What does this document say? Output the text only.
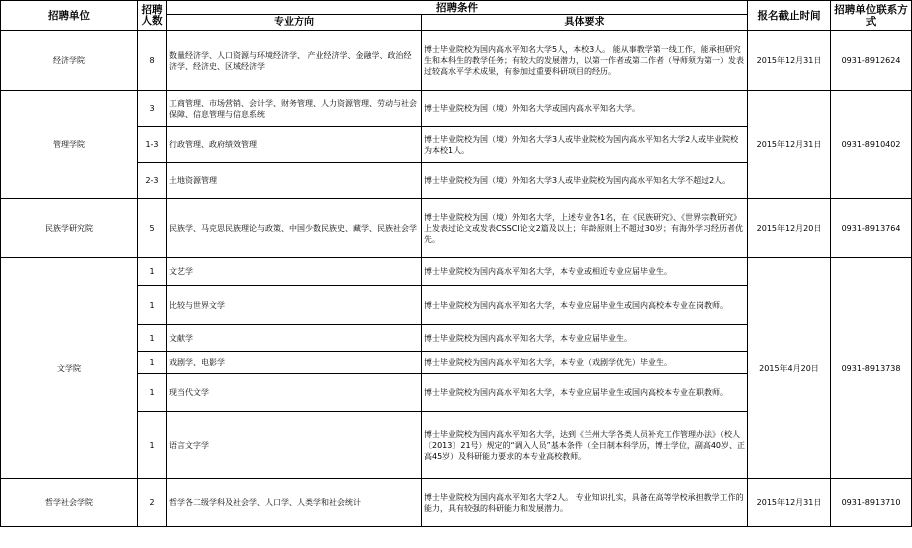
招聘单位	招聘人数	招聘条件		报名截止时间	招聘单位联系方式
		专业方向	具体要求		
经济学院	8	数量经济学、人口资源与环境经济学、 产业经济学、金融学、政治经济学、经济史、区域经济学	博士毕业院校为国内高水平知名大学5人，本校3人。 能从事教学第一线工作，能承担研究生和本科生的教学任务；有较大的发展潜力，以第一作者或第二作者（导师须为第一）发表过较高水平学术成果，有参加过重要科研项目的经历。	2015年12月31日	0931-8912624
管理学院	3	工商管理、市场营销、会计学、财务管理、人力资源管理、劳动与社会保障、信息管理与信息系统	博士毕业院校为国（境）外知名大学或国内高水平知名大学。	2015年12月31日	0931-8910402
	1-3	行政管理、政府绩效管理	博士毕业院校为国（境）外知名大学3人或毕业院校为国内高水平知名大学2人或毕业院校为本校1人。		
	2-3	土地资源管理	博士毕业院校为国（境）外知名大学3人或毕业院校为国内高水平知名大学不超过2人。		
民族学研究院	5	民族学、马克思民族理论与政策、中国少数民族史、藏学、民族社会学	博士毕业院校为国（境）外知名大学，上述专业各1名，在《民族研究》、《世界宗教研究》上发表过论文或发表CSSCI论文2篇及以上；年龄原则上不超过30岁；有海外学习经历者优先。	2015年12月20日	0931-8913764
文学院	1	文艺学	博士毕业院校为国内高水平知名大学，本专业或相近专业应届毕业生。	2015年4月20日	0931-8913738
	1	比较与世界文学	博士毕业院校为国内高水平知名大学，本专业应届毕业生或国内高校本专业在岗教师。		
	1	文献学	博士毕业院校为国内高水平知名大学，本专业应届毕业生。		
	1	戏剧学、电影学	博士毕业院校为国内高水平知名大学，本专业（戏剧学优先）毕业生。		
	1	现当代文学	博士毕业院校为国内高水平知名大学，本专业应届毕业生或国内高校本专业在职教师。		
	1	语言文字学	博士毕业院校为国内高水平知名大学，达到《兰州大学各类人员补充工作管理办法》（校人〔2013〕21号）规定的“调入人员”基本条件（全日制本科学历，博士学位，副高40岁、正高45岁）及科研能力要求的本专业高校教师。		
哲学社会学院	2	哲学各二级学科及社会学、人口学、人类学和社会统计	博士毕业院校为国内高水平知名大学2人。 专业知识扎实，具备在高等学校承担教学工作的能力，具有较强的科研能力和发展潜力。	2015年12月31日	0931-8913710
